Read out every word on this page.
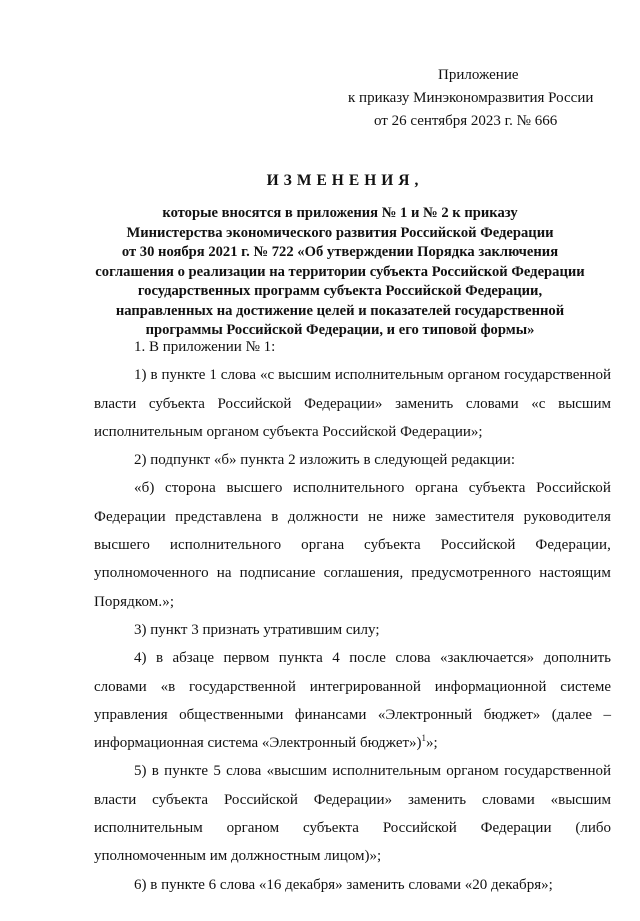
Приложение
к приказу Минэкономразвития России
от 26 сентября 2023 г. № 666
ИЗМЕНЕНИЯ,
которые вносятся в приложения № 1 и № 2 к приказу
Министерства экономического развития Российской Федерации
от 30 ноября 2021 г. № 722 «Об утверждении Порядка заключения
соглашения о реализации на территории субъекта Российской Федерации
государственных программ субъекта Российской Федерации,
направленных на достижение целей и показателей государственной
программы Российской Федерации, и его типовой формы»

1. В приложении № 1:

1) в пункте 1 слова «с высшим исполнительным органом государственной власти субъекта Российской Федерации» заменить словами «с высшим исполнительным органом субъекта Российской Федерации»;

2) подпункт «б» пункта 2 изложить в следующей редакции:

«б) сторона высшего исполнительного органа субъекта Российской Федерации представлена в должности не ниже заместителя руководителя высшего исполнительного органа субъекта Российской Федерации, уполномоченного на подписание соглашения, предусмотренного настоящим Порядком.»;

3) пункт 3 признать утратившим силу;

4) в абзаце первом пункта 4 после слова «заключается» дополнить словами «в государственной интегрированной информационной системе управления общественными финансами «Электронный бюджет» (далее – информационная система «Электронный бюджет»)$^1$»;

5) в пункте 5 слова «высшим исполнительным органом государственной власти субъекта Российской Федерации» заменить словами «высшим исполнительным органом субъекта Российской Федерации (либо уполномоченным им должностным лицом)»;

6) в пункте 6 слова «16 декабря» заменить словами «20 декабря»;
